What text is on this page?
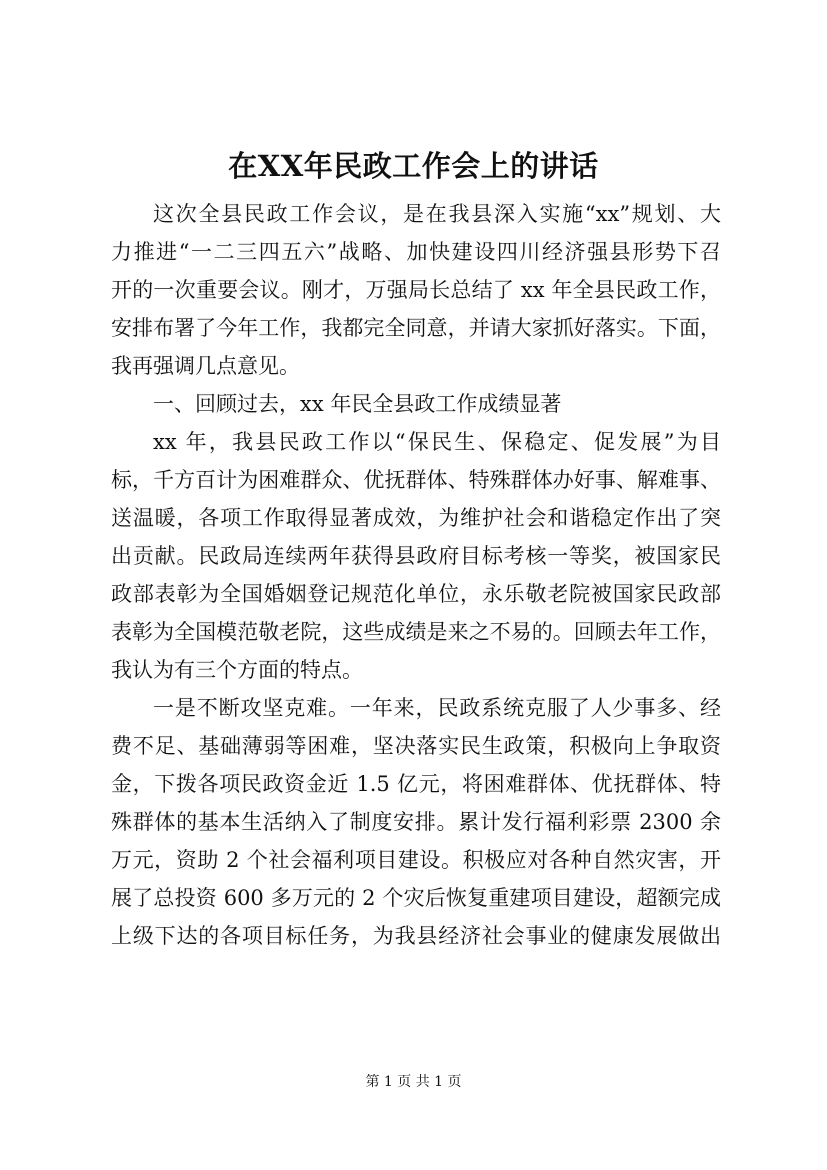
在XX年民政工作会上的讲话
这次全县民政工作会议，是在我县深入实施“xx”规划、大
力推进“一二三四五六”战略、加快建设四川经济强县形势下召
开的一次重要会议。刚才，万强局长总结了 xx 年全县民政工作，
安排布署了今年工作，我都完全同意，并请大家抓好落实。下面，
我再强调几点意见。
一、回顾过去，xx 年民全县政工作成绩显著
xx 年，我县民政工作以“保民生、保稳定、促发展”为目
标，千方百计为困难群众、优抚群体、特殊群体办好事、解难事、
送温暖，各项工作取得显著成效，为维护社会和谐稳定作出了突
出贡献。民政局连续两年获得县政府目标考核一等奖，被国家民
政部表彰为全国婚姻登记规范化单位，永乐敬老院被国家民政部
表彰为全国模范敬老院，这些成绩是来之不易的。回顾去年工作，
我认为有三个方面的特点。
一是不断攻坚克难。一年来，民政系统克服了人少事多、经
费不足、基础薄弱等困难，坚决落实民生政策，积极向上争取资
金，下拨各项民政资金近 1.5 亿元，将困难群体、优抚群体、特
殊群体的基本生活纳入了制度安排。累计发行福利彩票 2300 余
万元，资助 2 个社会福利项目建设。积极应对各种自然灾害，开
展了总投资 600 多万元的 2 个灾后恢复重建项目建设，超额完成
上级下达的各项目标任务，为我县经济社会事业的健康发展做出
第 1 页 共 1 页
